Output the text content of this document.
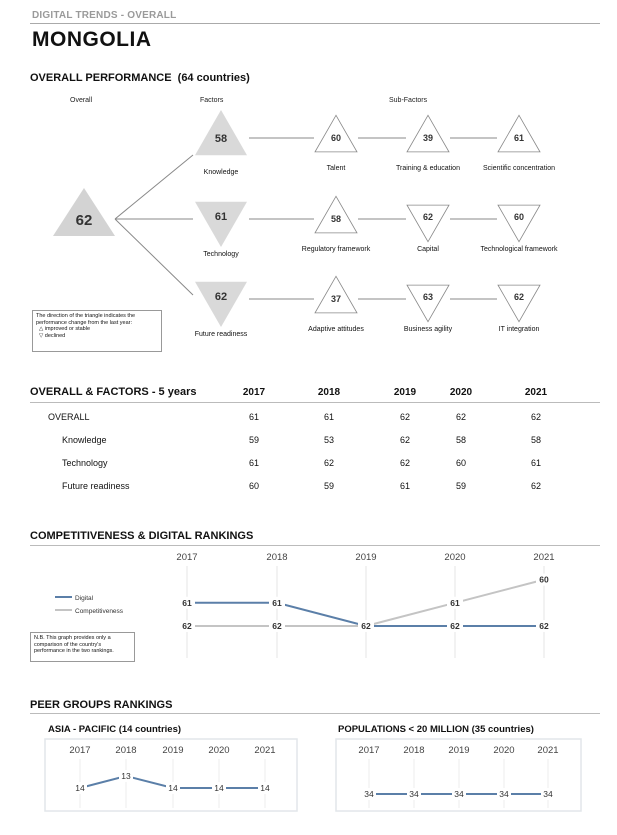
DIGITAL TRENDS - OVERALL
MONGOLIA
OVERALL PERFORMANCE (64 countries)
Overall	Factors	Sub-Factors
58	60	39	61
61	58	62	60
62	37	63	62
62
Knowledge
Talent	Training & education	Scientific concentration
Technology
Regulatory framework	Capital	Technological framework
Future readiness
Adaptive attitudes	Business agility	IT integration
The direction of the triangle indicates the
performance change from the last year:
△ improved or stable
▽ declined
OVERALL & FACTORS - 5 years	2017	2018	2019	2020	2021
OVERALL	61	61	62	62	62
Knowledge	59	53	62	58	58
Technology	61	62	62	60	61
Future readiness	60	59	61	59	62
COMPETITIVENESS & DIGITAL RANKINGS
Digital
Competitiveness
2017	2018	2019	2020	2021
62	62
61
60
61	61
62	62	62
N.B. This graph provides only a
comparison of the country's
performance in the two rankings.
PEER GROUPS RANKINGS
ASIA - PACIFIC (14 countries)	POPULATIONS < 20 MILLION (35 countries)
2017	2018	2019	2020	2021
14
13
14	14	14
2017	2018	2019	2020 2021
34	34	34	34	34
